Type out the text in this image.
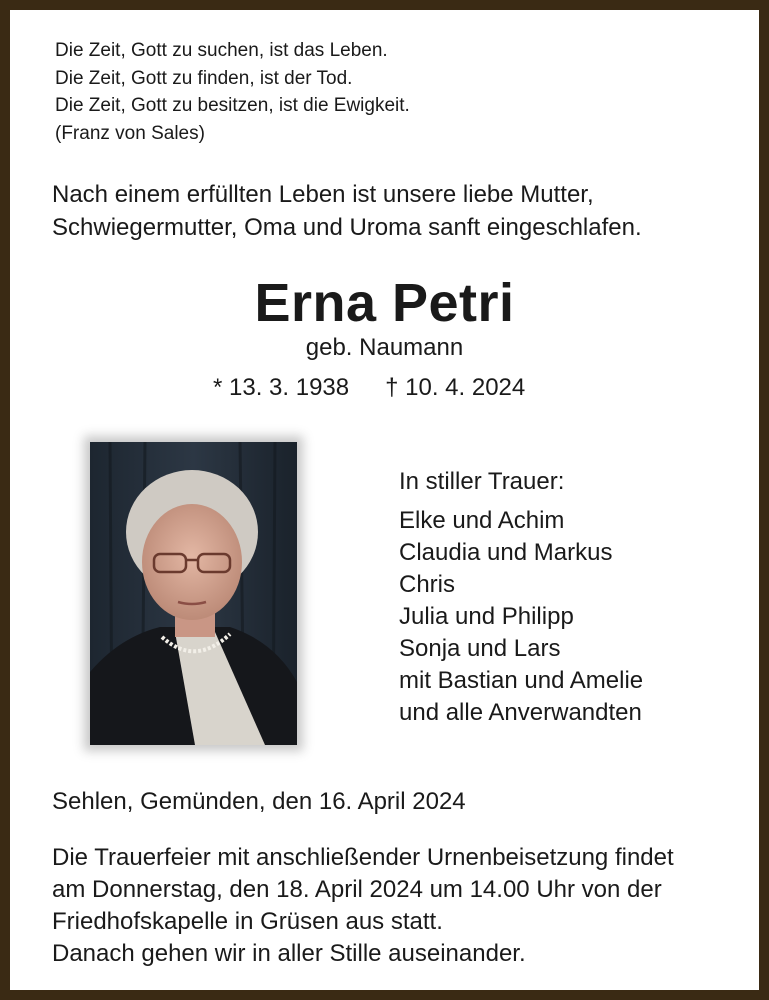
Die Zeit, Gott zu suchen, ist das Leben.
Die Zeit, Gott zu finden, ist der Tod.
Die Zeit, Gott zu besitzen, ist die Ewigkeit.
(Franz von Sales)
Nach einem erfüllten Leben ist unsere liebe Mutter,
Schwiegermutter, Oma und Uroma sanft eingeschlafen.
Erna Petri
geb. Naumann
* 13. 3. 1938 † 10. 4. 2024
In stiller Trauer:
Elke und Achim
Claudia und Markus
Chris
Julia und Philipp
Sonja und Lars
mit Bastian und Amelie
und alle Anverwandten
Sehlen, Gemünden, den 16. April 2024
Die Trauerfeier mit anschließender Urnenbeisetzung findet
am Donnerstag, den 18. April 2024 um 14.00 Uhr von der
Friedhofskapelle in Grüsen aus statt.
Danach gehen wir in aller Stille auseinander.
